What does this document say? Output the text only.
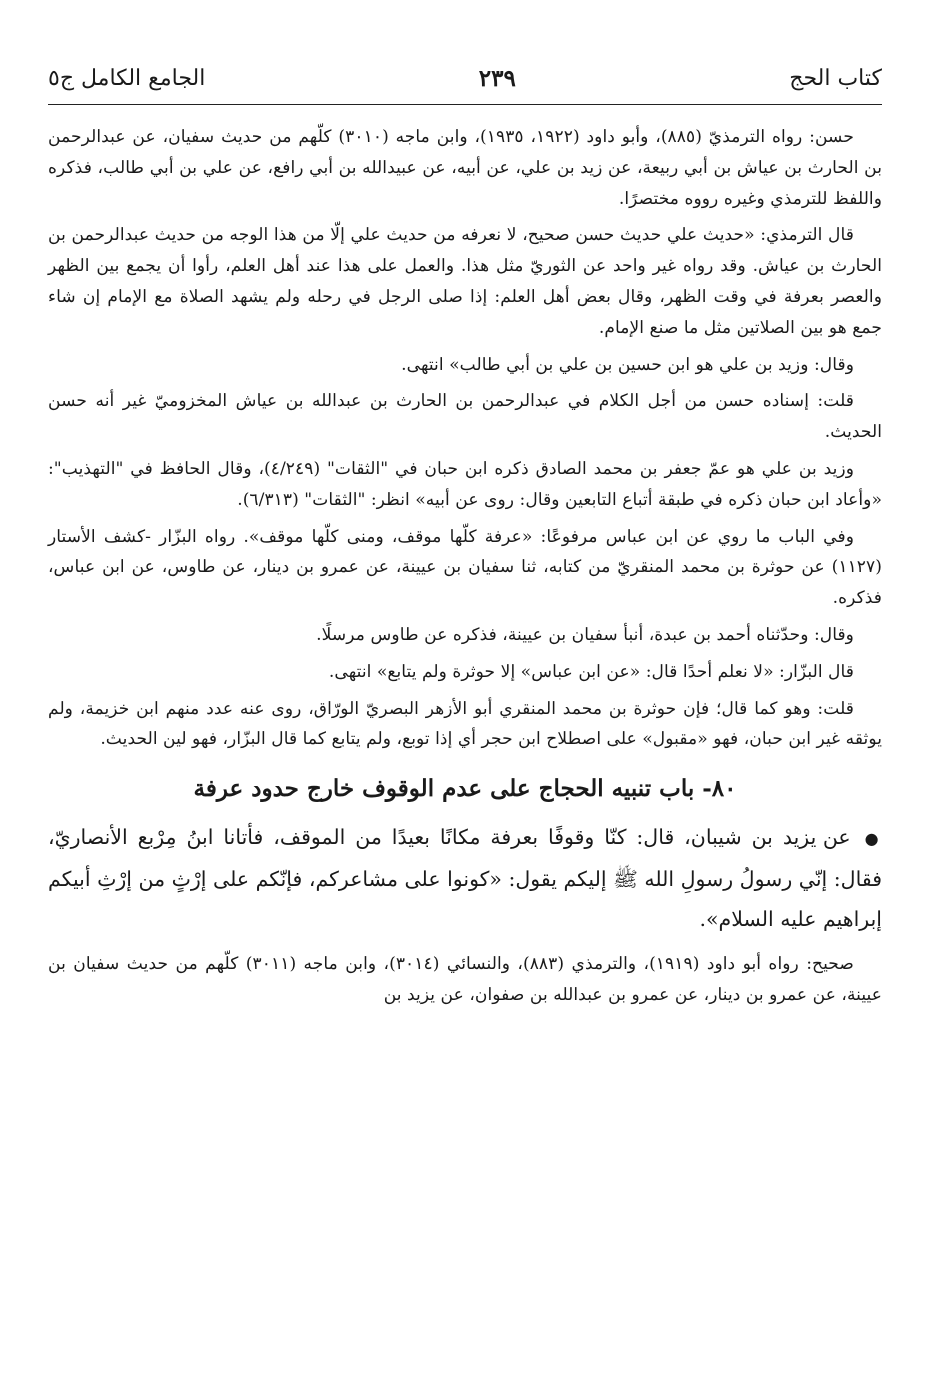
كتاب الحج
٢٣٩
الجامع الكامل ج٥

حسن: رواه الترمذيّ (٨٨٥)، وأبو داود (١٩٢٢، ١٩٣٥)، وابن ماجه (٣٠١٠) كلّهم من حديث سفيان، عن عبدالرحمن بن الحارث بن عياش بن أبي ربيعة، عن زيد بن علي، عن أبيه، عن عبيدالله بن أبي رافع، عن علي بن أبي طالب، فذكره واللفظ للترمذي وغيره رووه مختصرًا.

قال الترمذي: «حديث علي حديث حسن صحيح، لا نعرفه من حديث علي إلّا من هذا الوجه من حديث عبدالرحمن بن الحارث بن عياش. وقد رواه غير واحد عن الثوريّ مثل هذا. والعمل على هذا عند أهل العلم، رأوا أن يجمع بين الظهر والعصر بعرفة في وقت الظهر، وقال بعض أهل العلم: إذا صلى الرجل في رحله ولم يشهد الصلاة مع الإمام إن شاء جمع هو بين الصلاتين مثل ما صنع الإمام.

وقال: وزيد بن علي هو ابن حسين بن علي بن أبي طالب» انتهى.

قلت: إسناده حسن من أجل الكلام في عبدالرحمن بن الحارث بن عبدالله بن عياش المخزوميّ غير أنه حسن الحديث.

وزيد بن علي هو عمّ جعفر بن محمد الصادق ذكره ابن حبان في "الثقات" (٤/٢٤٩)، وقال الحافظ في "التهذيب": «وأعاد ابن حبان ذكره في طبقة أتباع التابعين وقال: روى عن أبيه» انظر: "الثقات" (٦/٣١٣).

وفي الباب ما روي عن ابن عباس مرفوعًا: «عرفة كلّها موقف، ومنى كلّها موقف». رواه البزّار -كشف الأستار (١١٢٧) عن حوثرة بن محمد المنقريّ من كتابه، ثنا سفيان بن عيينة، عن عمرو بن دينار، عن طاوس، عن ابن عباس، فذكره.

وقال: وحدّثناه أحمد بن عبدة، أنبأ سفيان بن عيينة، فذكره عن طاوس مرسلًا.

قال البزّار: «لا نعلم أحدًا قال: «عن ابن عباس» إلا حوثرة ولم يتابع» انتهى.

قلت: وهو كما قال؛ فإن حوثرة بن محمد المنقري أبو الأزهر البصريّ الورّاق، روى عنه عدد منهم ابن خزيمة، ولم يوثقه غير ابن حبان، فهو «مقبول» على اصطلاح ابن حجر أي إذا توبع، ولم يتابع كما قال البزّار، فهو لين الحديث.

٨٠- باب تنبيه الحجاج على عدم الوقوف خارج حدود عرفة

● عن يزيد بن شيبان، قال: كنّا وقوفًا بعرفة مكانًا بعيدًا من الموقف، فأتانا ابنُ مِرْبع الأنصاريّ، فقال: إنّي رسولُ رسولِ الله ﷺ إليكم يقول: «كونوا على مشاعركم، فإنّكم على إرْثٍ من إرْثِ أبيكم إبراهيم عليه السلام».

صحيح: رواه أبو داود (١٩١٩)، والترمذي (٨٨٣)، والنسائي (٣٠١٤)، وابن ماجه (٣٠١١) كلّهم من حديث سفيان بن عيينة، عن عمرو بن دينار، عن عمرو بن عبدالله بن صفوان، عن يزيد بن
